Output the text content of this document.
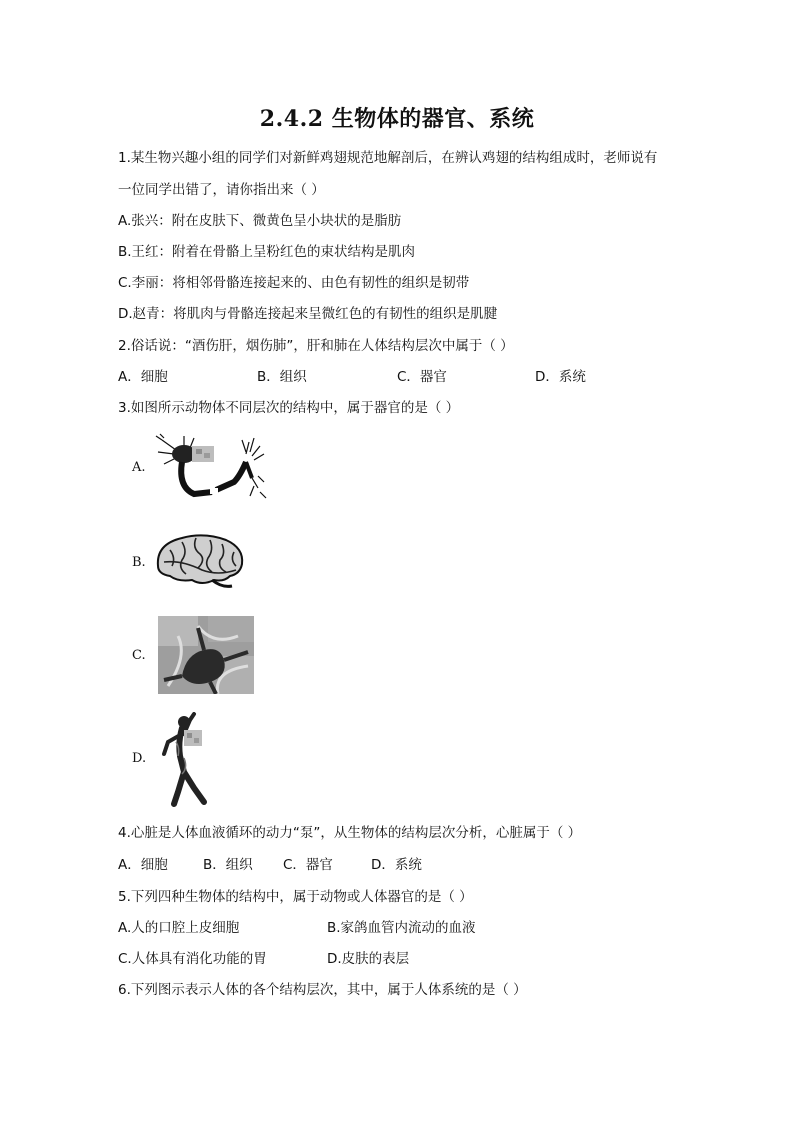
2.4.2 生物体的器官、系统
1.某生物兴趣小组的同学们对新鲜鸡翅规范地解剖后，在辨认鸡翅的结构组成时，老师说有
一位同学出错了，请你指出来（ ）
A.张兴：附在皮肤下、微黄色呈小块状的是脂肪
B.王红：附着在骨骼上呈粉红色的束状结构是肌肉
C.李丽：将相邻骨骼连接起来的、由色有韧性的组织是韧带
D.赵青：将肌肉与骨骼连接起来呈微红色的有韧性的组织是肌腱
2.俗话说：“酒伤肝，烟伤肺”，肝和肺在人体结构层次中属于（ ）
A．细胞	B．组织	C．器官	D．系统
3.如图所示动物体不同层次的结构中，属于器官的是（ ）
A.
B.
C.
D.
4.心脏是人体血液循环的动力“泵”，从生物体的结构层次分析，心脏属于（ ）
A．细胞	B．组织 C．器官	D．系统
5.下列四种生物体的结构中，属于动物或人体器官的是（ ）
A.人的口腔上皮细胞	B.家鸽血管内流动的血液
C.人体具有消化功能的胃	D.皮肤的表层
6.下列图示表示人体的各个结构层次，其中，属于人体系统的是（ ）
